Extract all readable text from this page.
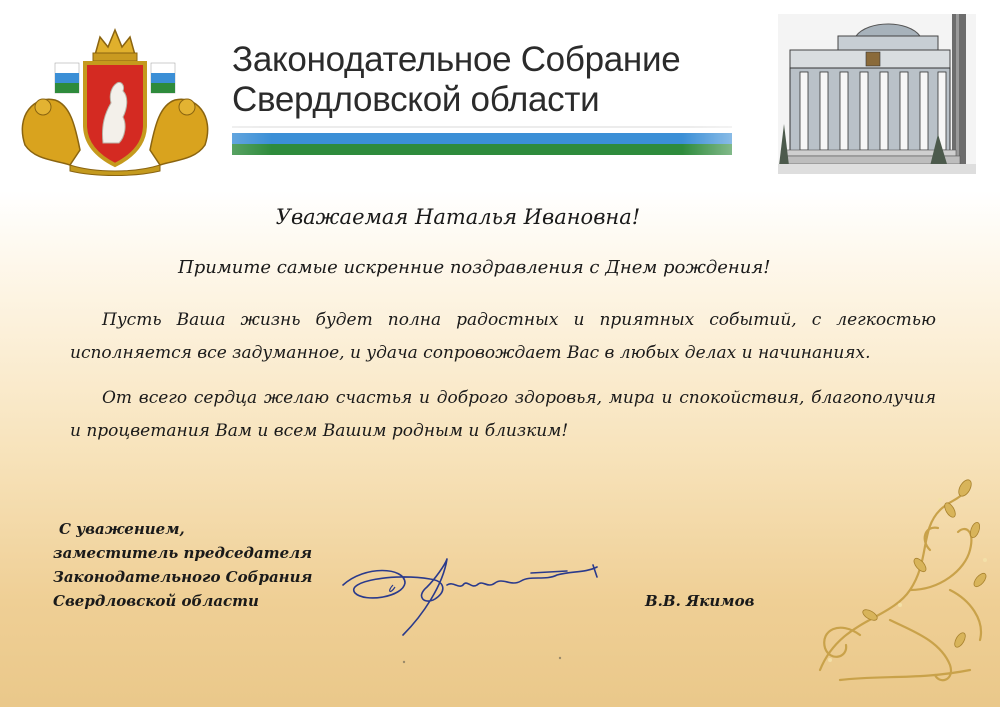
Законодательное Собрание
Свердловской области
Уважаемая Наталья Ивановна!
Примите самые искренние поздравления с Днем рождения!

Пусть Ваша жизнь будет полна радостных и приятных событий, с легкостью исполняется все задуманное, и удача сопровождает Вас в любых делах и начинаниях.

От всего сердца желаю счастья и доброго здоровья, мира и спокойствия, благополучия и процветания Вам и всем Вашим родным и близким!

С уважением,
заместитель председателя
Законодательного Собрания
Свердловской области	В.В. Якимов
